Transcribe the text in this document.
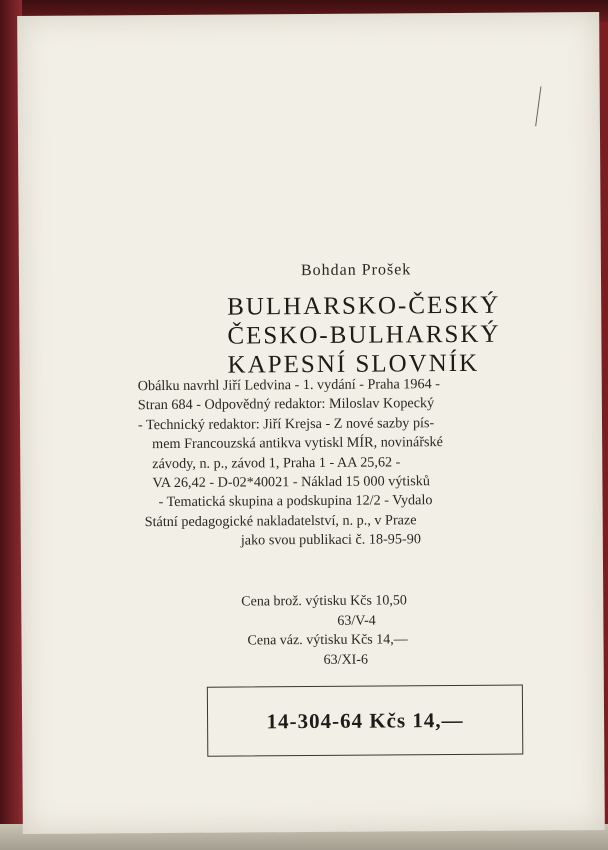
Bohdan Prošek
BULHARSKO-ČESKÝ
ČESKO-BULHARSKÝ
KAPESNÍ SLOVNÍK
Obálku navrhl Jiří Ledvina - 1. vydání - Praha 1964 -
Stran 684 - Odpovědný redaktor: Miloslav Kopecký
- Technický redaktor: Jiří Krejsa - Z nové sazby pís-
mem Francouzská antikva vytiskl MÍR, novinářské
závody, n. p., závod 1, Praha 1 - AA 25,62 -
VA 26,42 - D-02*40021 - Náklad 15 000 výtisků
- Tematická skupina a podskupina 12/2 - Vydalo
Státní pedagogické nakladatelství, n. p., v Praze
jako svou publikaci č. 18-95-90
Cena brož. výtisku Kčs 10,50
63/V-4
Cena váz. výtisku Kčs 14,—
63/XI-6
14-304-64 Kčs 14,—
